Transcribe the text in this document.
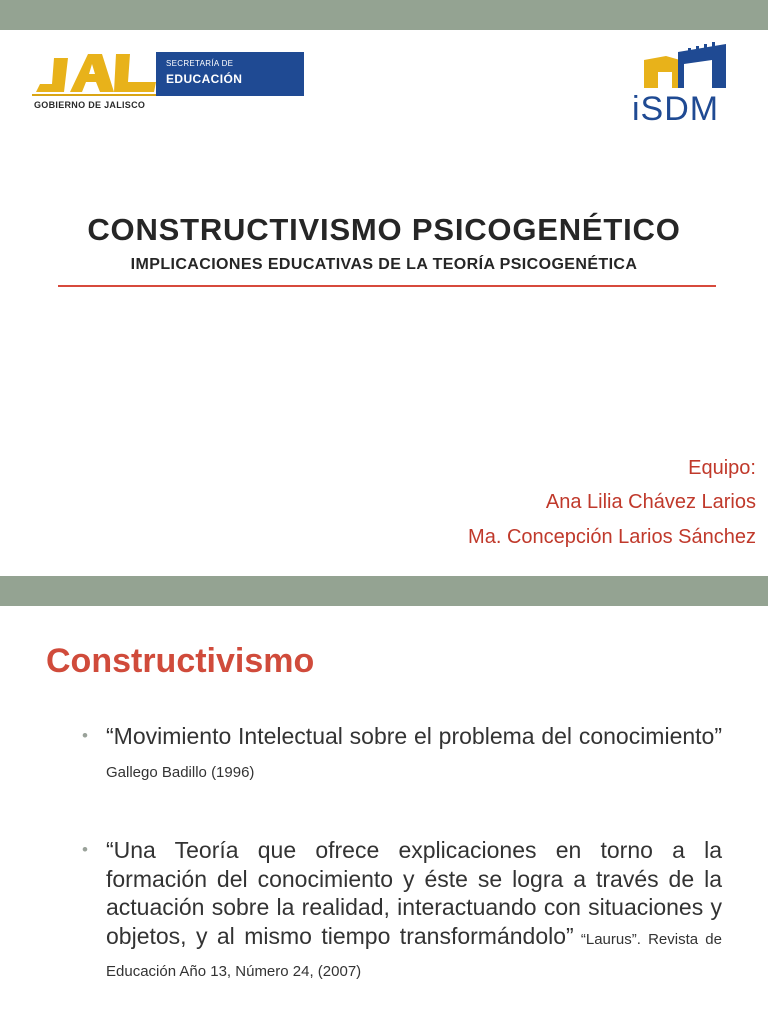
SECRETARÍA DE
EDUCACIÓN
GOBIERNO DE JALISCO	iSDM
CONSTRUCTIVISMO PSICOGENÉTICO
IMPLICACIONES EDUCATIVAS DE LA TEORÍA PSICOGENÉTICA
Equipo:
Ana Lilia Chávez Larios
Ma. Concepción Larios Sánchez
Constructivismo
• “Movimiento Intelectual sobre el problema del conocimiento” Gallego Badillo (1996)
• “Una Teoría que ofrece explicaciones en torno a la formación del conocimiento y éste se logra a través de la actuación sobre la realidad, interactuando con situaciones y objetos, y al mismo tiempo transformándolo” “Laurus”. Revista de Educación Año 13, Número 24, (2007)
